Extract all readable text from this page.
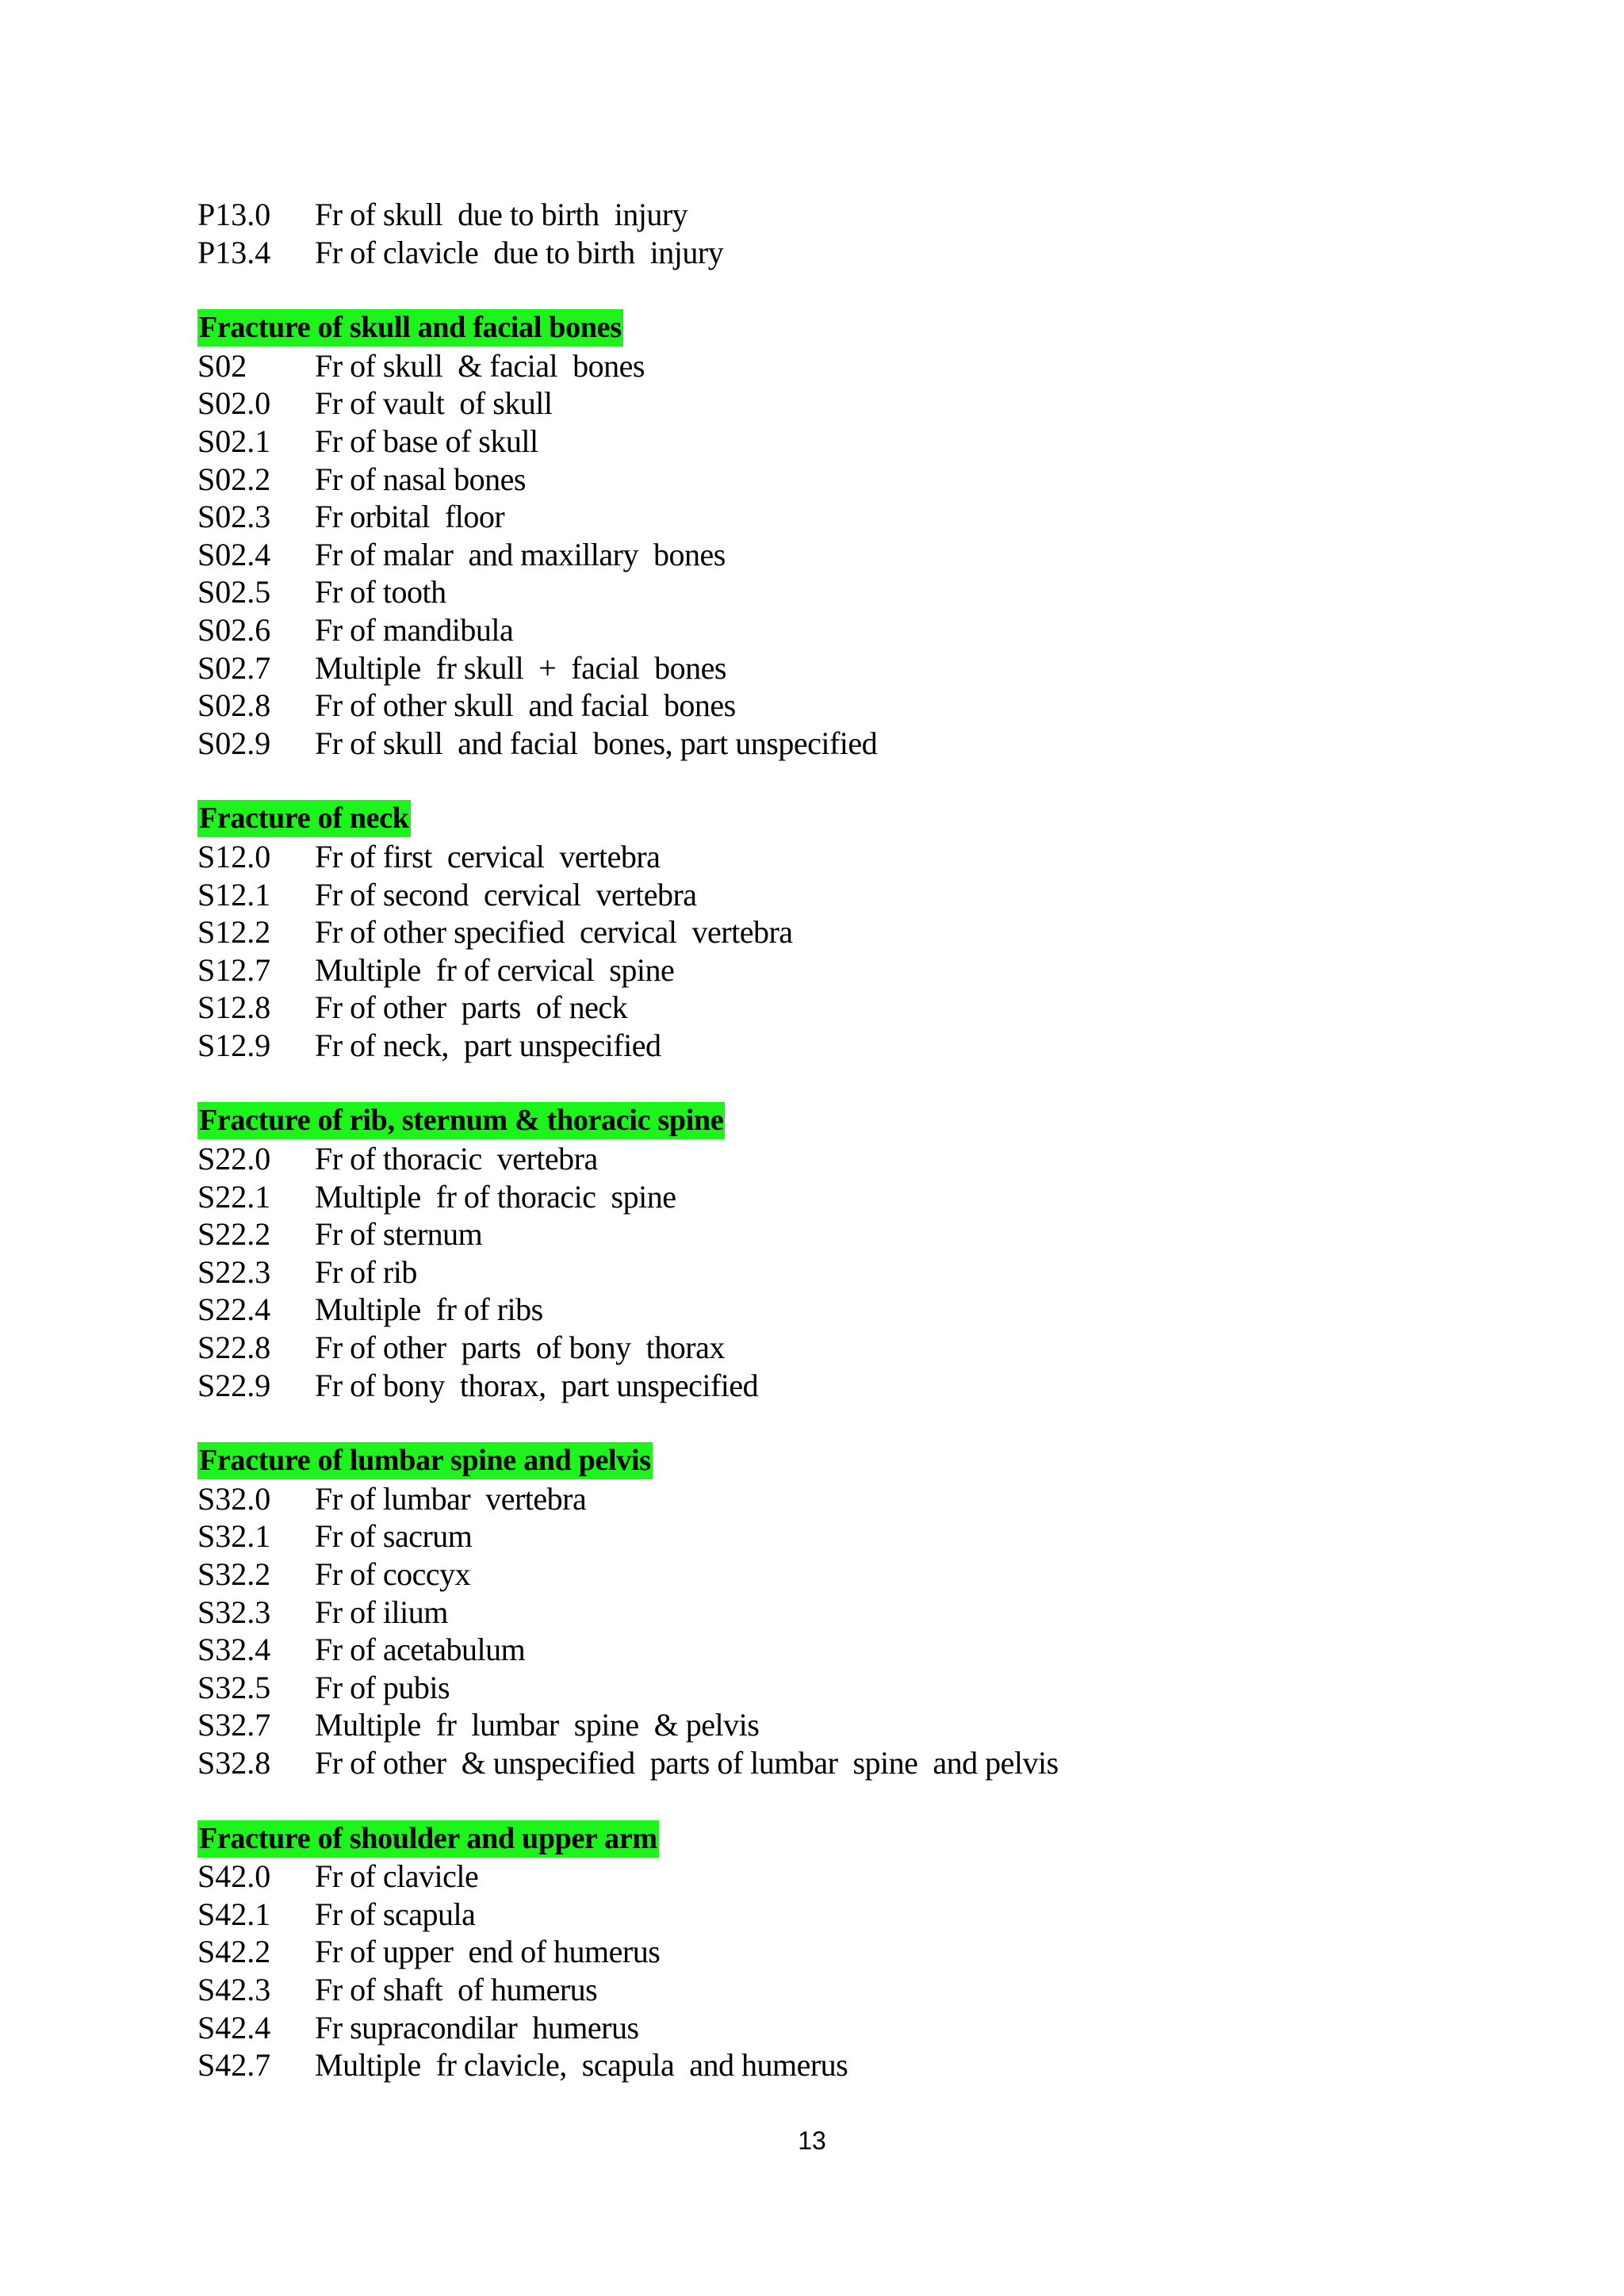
P13.0 Fr of skull  due to birth  injury
P13.4 Fr of clavicle  due to birth  injury
Fracture of skull and facial bones
S02 Fr of skull  & facial  bones
S02.0 Fr of vault  of skull
S02.1 Fr of base of skull
S02.2 Fr of nasal bones
S02.3 Fr orbital  floor
S02.4 Fr of malar  and maxillary  bones
S02.5 Fr of tooth
S02.6 Fr of mandibula
S02.7 Multiple  fr skull  +  facial  bones
S02.8 Fr of other skull  and facial  bones
S02.9 Fr of skull  and facial  bones, part unspecified
Fracture of neck
S12.0 Fr of first  cervical  vertebra
S12.1 Fr of second  cervical  vertebra
S12.2 Fr of other specified  cervical  vertebra
S12.7 Multiple  fr of cervical  spine
S12.8 Fr of other  parts  of neck
S12.9 Fr of neck,  part unspecified
Fracture of rib, sternum & thoracic spine
S22.0 Fr of thoracic  vertebra
S22.1 Multiple  fr of thoracic  spine
S22.2 Fr of sternum
S22.3 Fr of rib
S22.4 Multiple  fr of ribs
S22.8 Fr of other  parts  of bony  thorax
S22.9 Fr of bony  thorax,  part unspecified
Fracture of lumbar spine and pelvis
S32.0 Fr of lumbar  vertebra
S32.1 Fr of sacrum
S32.2 Fr of coccyx
S32.3 Fr of ilium
S32.4 Fr of acetabulum
S32.5 Fr of pubis
S32.7 Multiple  fr  lumbar  spine  & pelvis
S32.8 Fr of other  & unspecified  parts of lumbar  spine  and pelvis
Fracture of shoulder and upper arm
S42.0 Fr of clavicle
S42.1 Fr of scapula
S42.2 Fr of upper  end of humerus
S42.3 Fr of shaft  of humerus
S42.4 Fr supracondilar  humerus
S42.7 Multiple  fr clavicle,  scapula  and humerus
13
